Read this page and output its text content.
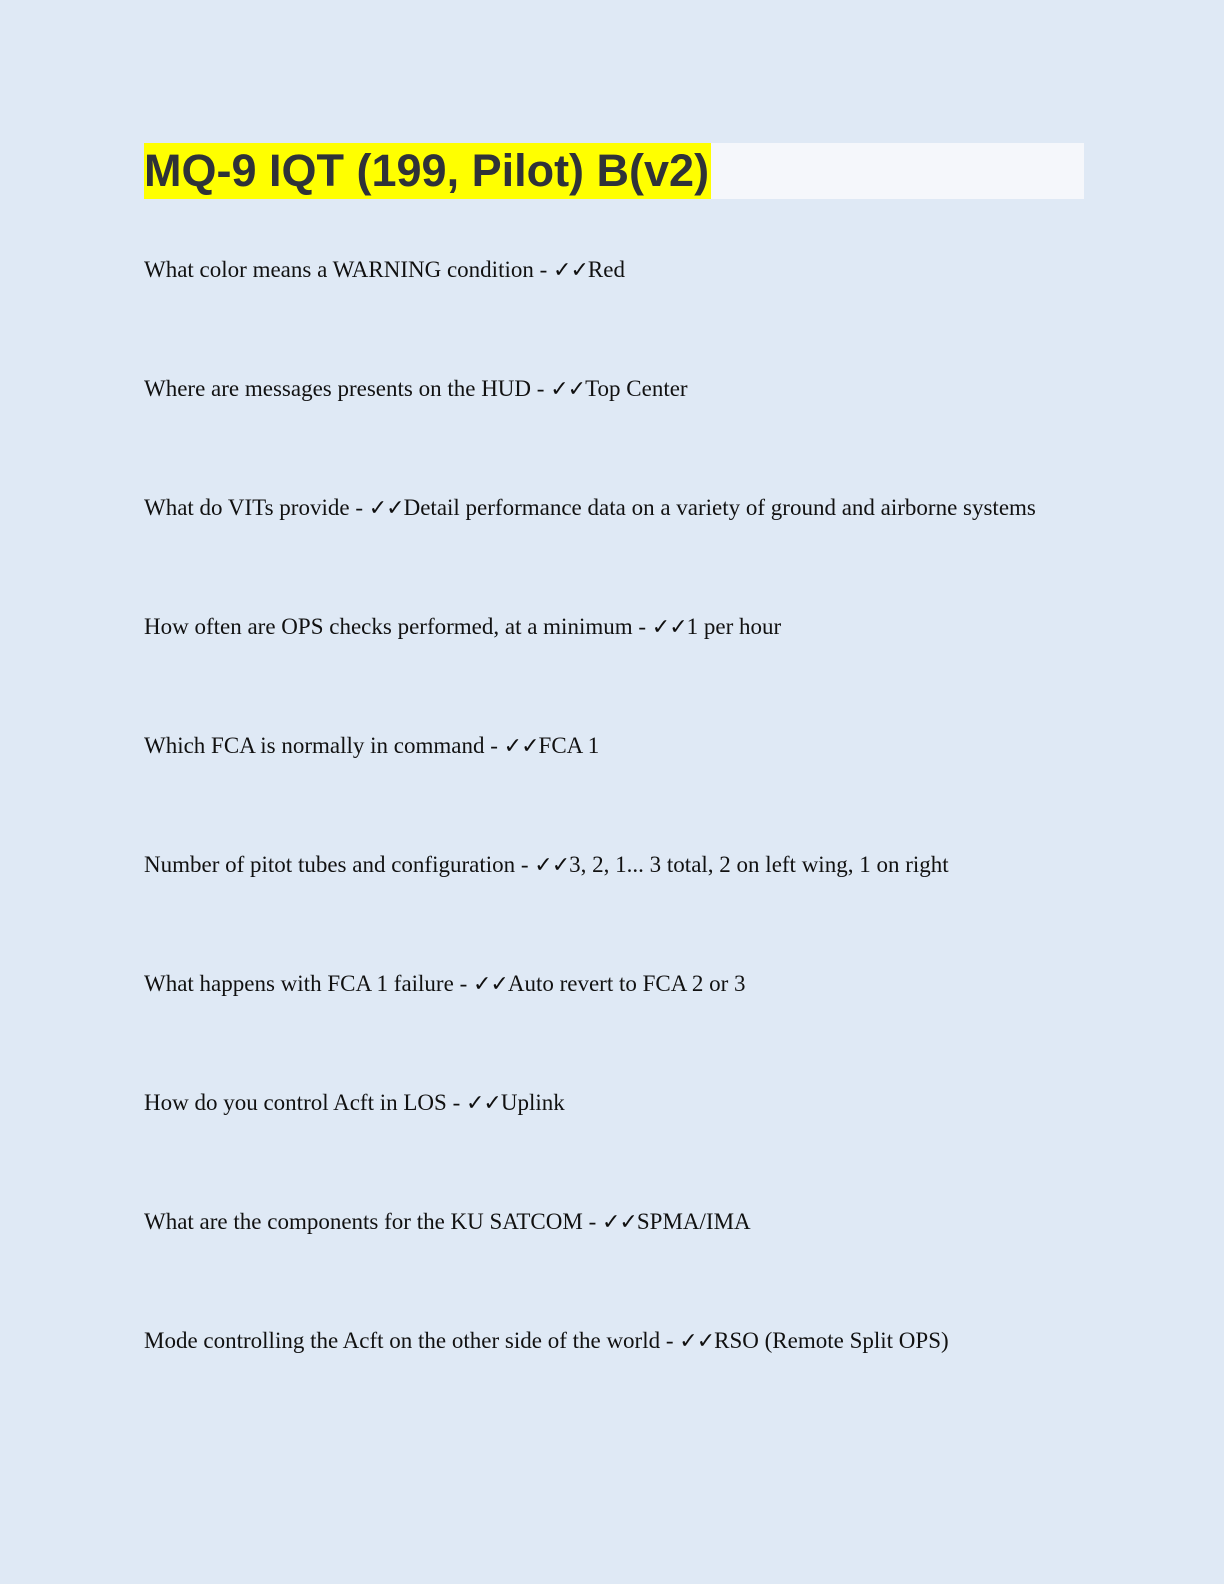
MQ-9 IQT (199, Pilot) B(v2)
What color means a WARNING condition - ✓✓Red
Where are messages presents on the HUD - ✓✓Top Center
What do VITs provide - ✓✓Detail performance data on a variety of ground and airborne systems
How often are OPS checks performed, at a minimum - ✓✓1 per hour
Which FCA is normally in command - ✓✓FCA 1
Number of pitot tubes and configuration - ✓✓3, 2, 1... 3 total, 2 on left wing, 1 on right
What happens with FCA 1 failure - ✓✓Auto revert to FCA 2 or 3
How do you control Acft in LOS - ✓✓Uplink
What are the components for the KU SATCOM - ✓✓SPMA/IMA
Mode controlling the Acft on the other side of the world - ✓✓RSO (Remote Split OPS)
